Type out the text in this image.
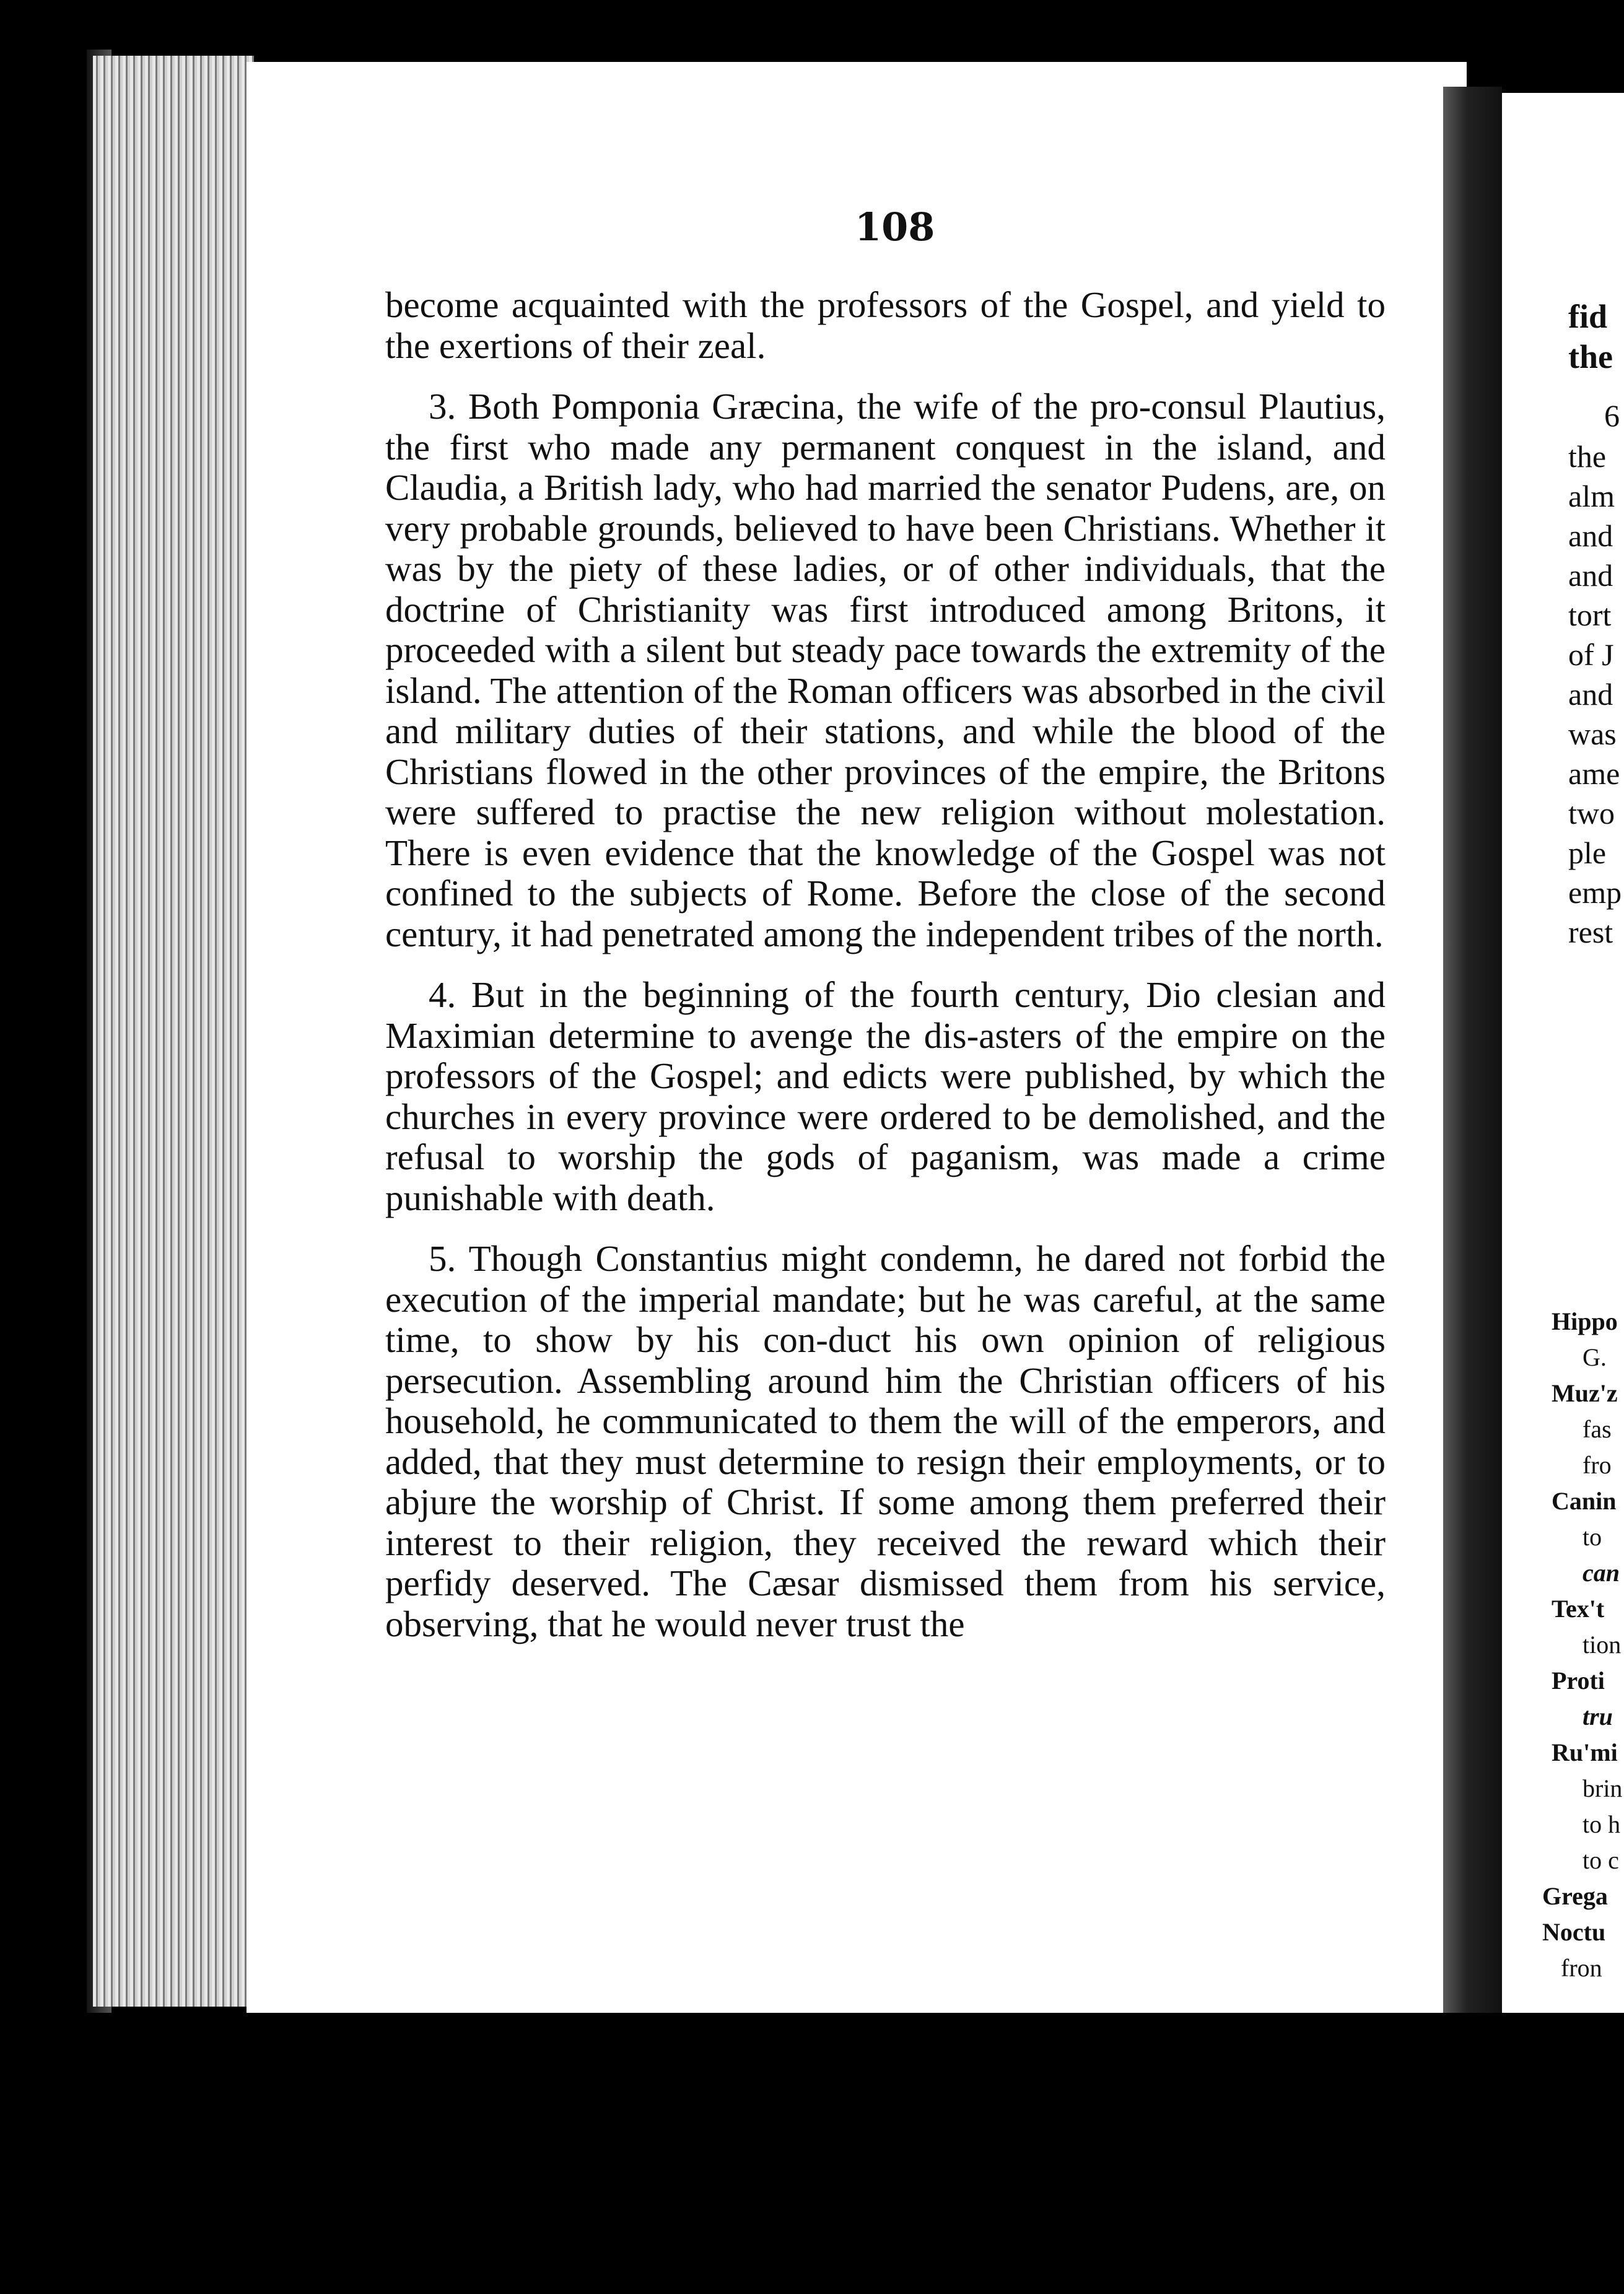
108

become acquainted with the professors of the Gospel, and yield to the exertions of their zeal.

3. Both Pomponia Græcina, the wife of the pro-consul Plautius, the first who made any permanent conquest in the island, and Claudia, a British lady, who had married the senator Pudens, are, on very probable grounds, believed to have been Christians. Whether it was by the piety of these ladies, or of other individuals, that the doctrine of Christianity was first introduced among Britons, it proceeded with a silent but steady pace towards the extremity of the island. The attention of the Roman officers was absorbed in the civil and military duties of their stations, and while the blood of the Christians flowed in the other provinces of the empire, the Britons were suffered to practise the new religion without molestation. There is even evidence that the knowledge of the Gospel was not confined to the subjects of Rome. Before the close of the second century, it had penetrated among the independent tribes of the north.

4. But in the beginning of the fourth century, Dio clesian and Maximian determine to avenge the dis-asters of the empire on the professors of the Gospel; and edicts were published, by which the churches in every province were ordered to be demolished, and the refusal to worship the gods of paganism, was made a crime punishable with death.

5. Though Constantius might condemn, he dared not forbid the execution of the imperial mandate; but he was careful, at the same time, to show by his con-duct his own opinion of religious persecution. Assembling around him the Christian officers of his household, he communicated to them the will of the emperors, and added, that they must determine to resign their employments, or to abjure the worship of Christ. If some among them preferred their interest to their religion, they received the reward which their perfidy deserved. The Cæsar dismissed them from his service, observing, that he would never trust the

fid
the
6
the
alm
and
and
tort
of J
and
was
ame
two
ple
emp
rest
Hippo
G.
Muz'z
fas
fro
Canin
to
can
Tex't
tion
Proti
tru
Ru'mi
brin
to h
to c
Grega
Noctu
fron
